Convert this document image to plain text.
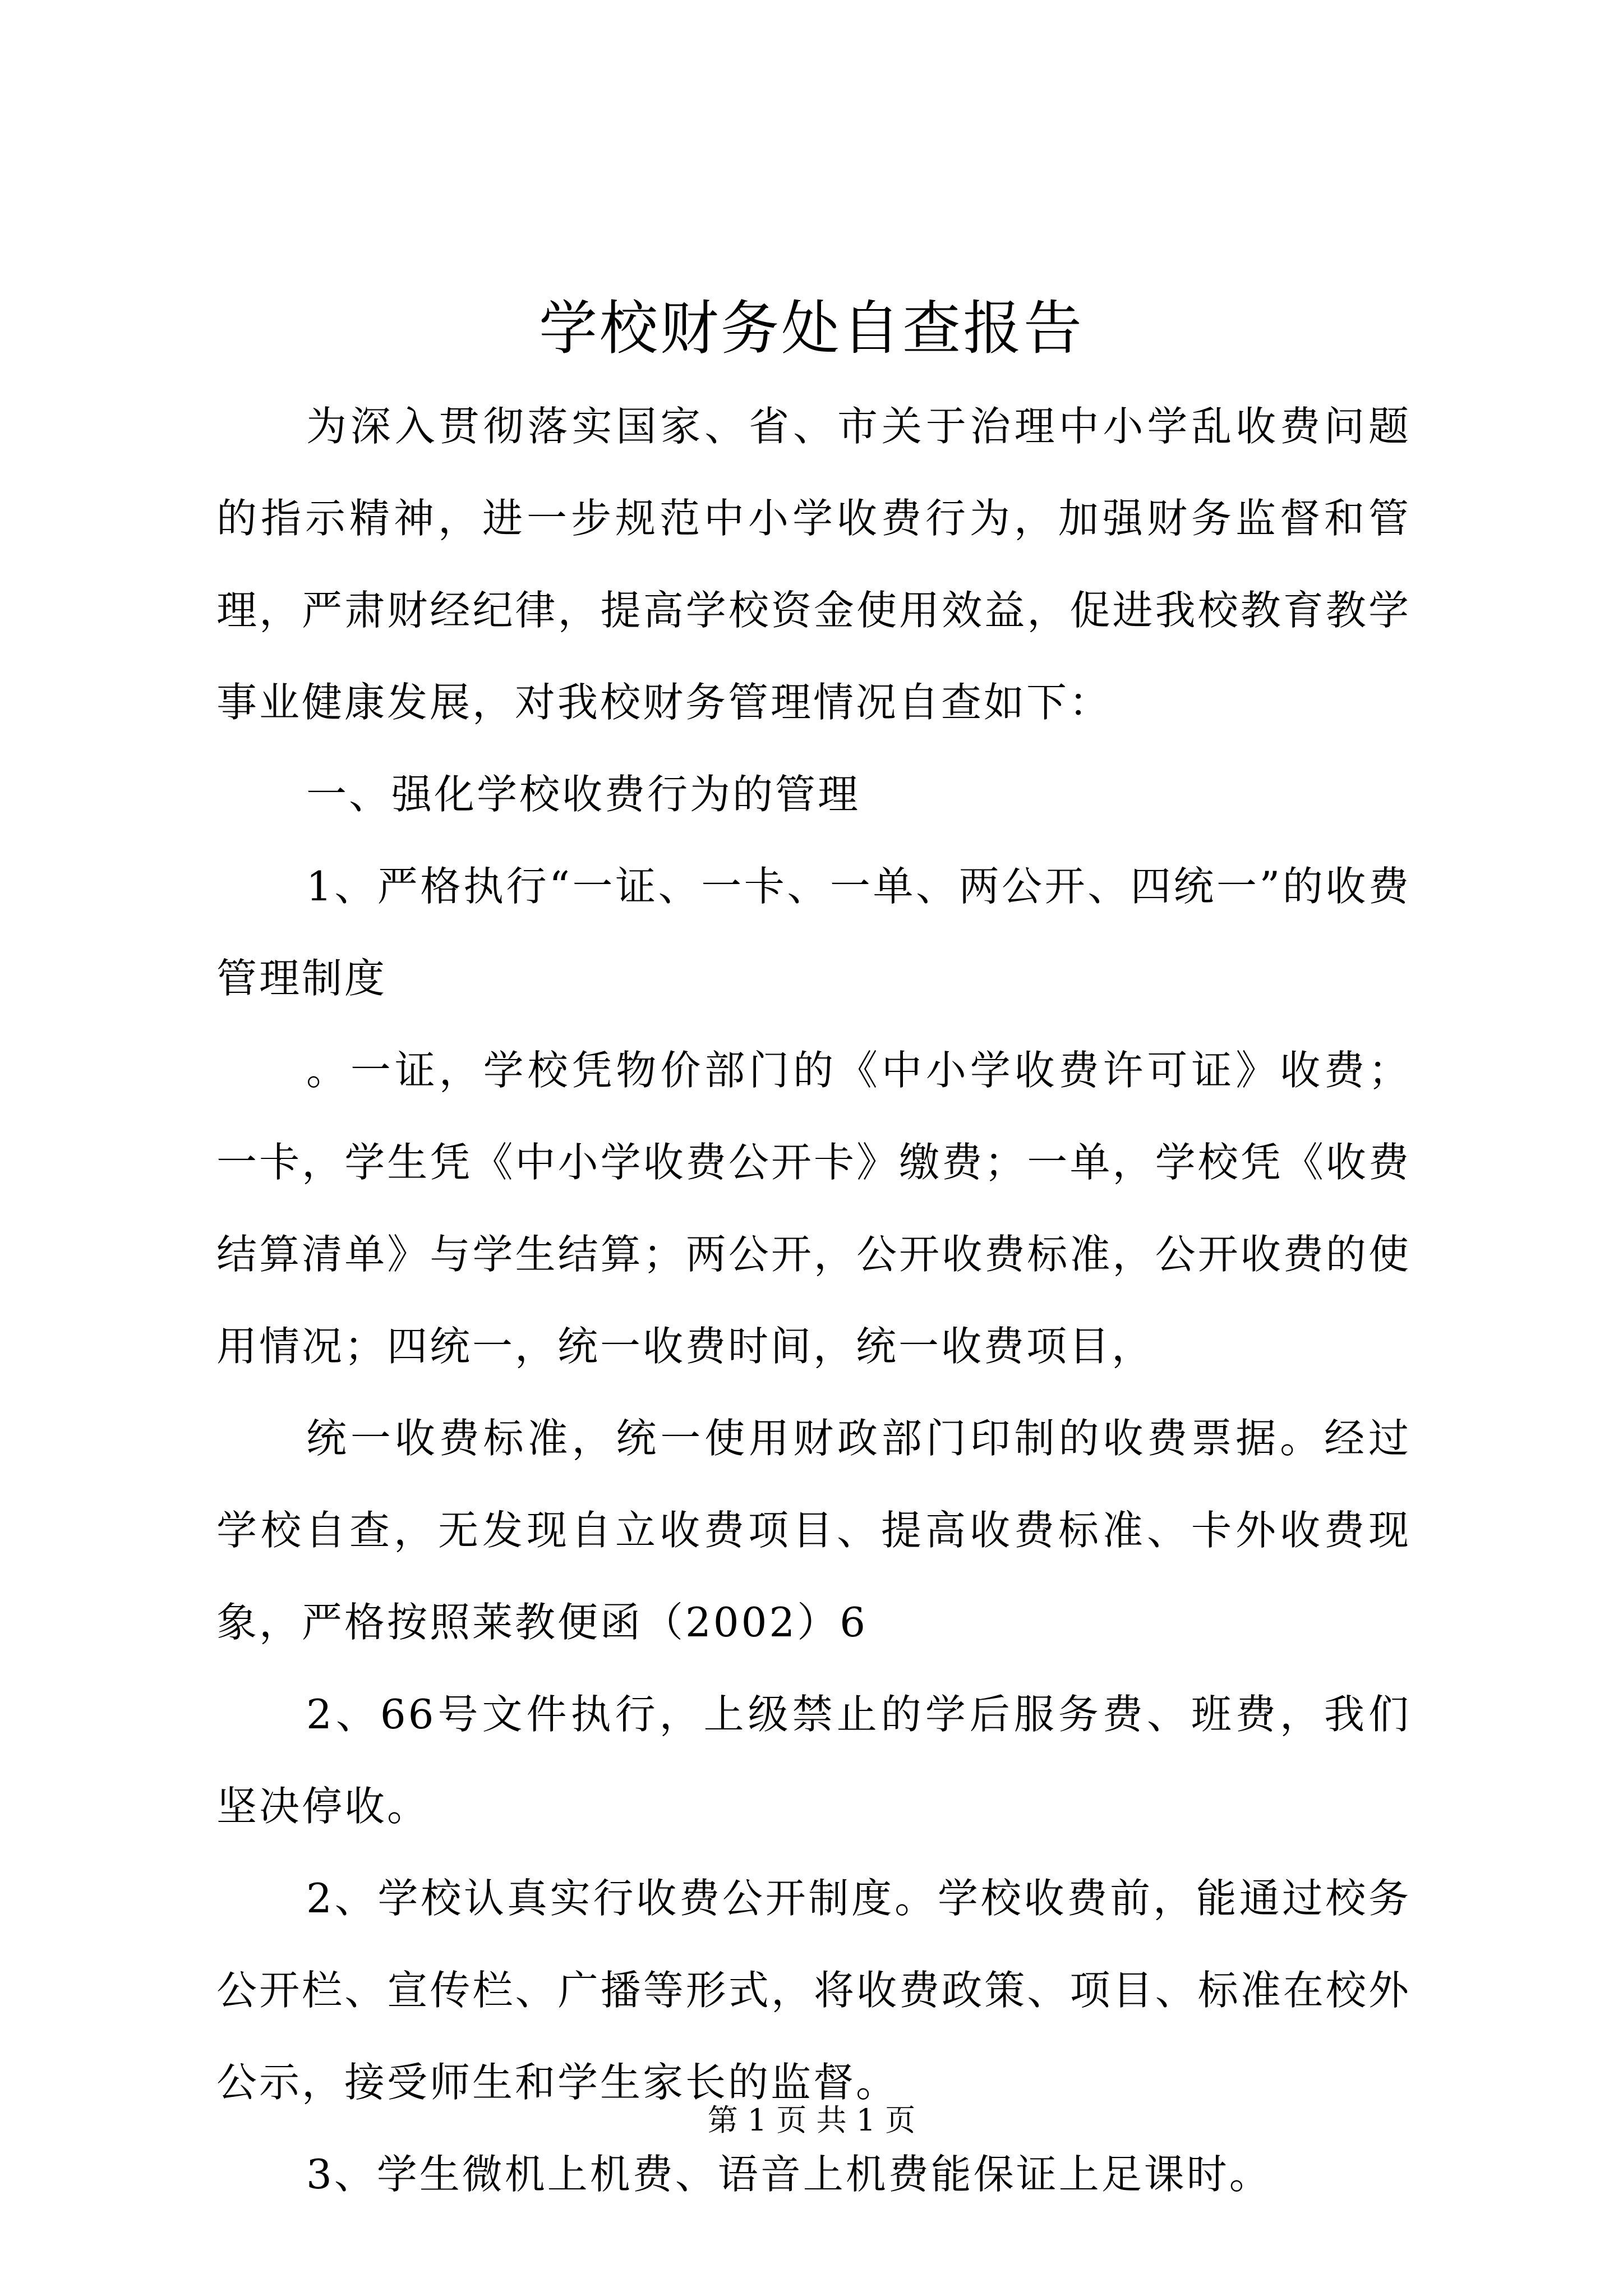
学校财务处自查报告

为深入贯彻落实国家、省、市关于治理中小学乱收费问题的指示精神，进一步规范中小学收费行为，加强财务监督和管理，严肃财经纪律，提高学校资金使用效益，促进我校教育教学事业健康发展，对我校财务管理情况自查如下：

一、强化学校收费行为的管理

1、严格执行“一证、一卡、一单、两公开、四统一”的收费管理制度

。一证，学校凭物价部门的《中小学收费许可证》收费；一卡，学生凭《中小学收费公开卡》缴费；一单，学校凭《收费结算清单》与学生结算；两公开，公开收费标准，公开收费的使用情况；四统一，统一收费时间，统一收费项目，

统一收费标准，统一使用财政部门印制的收费票据。经过学校自查，无发现自立收费项目、提高收费标准、卡外收费现象，严格按照莱教便函（2002）6

2、66号文件执行，上级禁止的学后服务费、班费，我们坚决停收。

2、学校认真实行收费公开制度。学校收费前，能通过校务公开栏、宣传栏、广播等形式，将收费政策、项目、标准在校外公示，接受师生和学生家长的监督。

3、学生微机上机费、语音上机费能保证上足课时。

第 1 页 共 1 页
